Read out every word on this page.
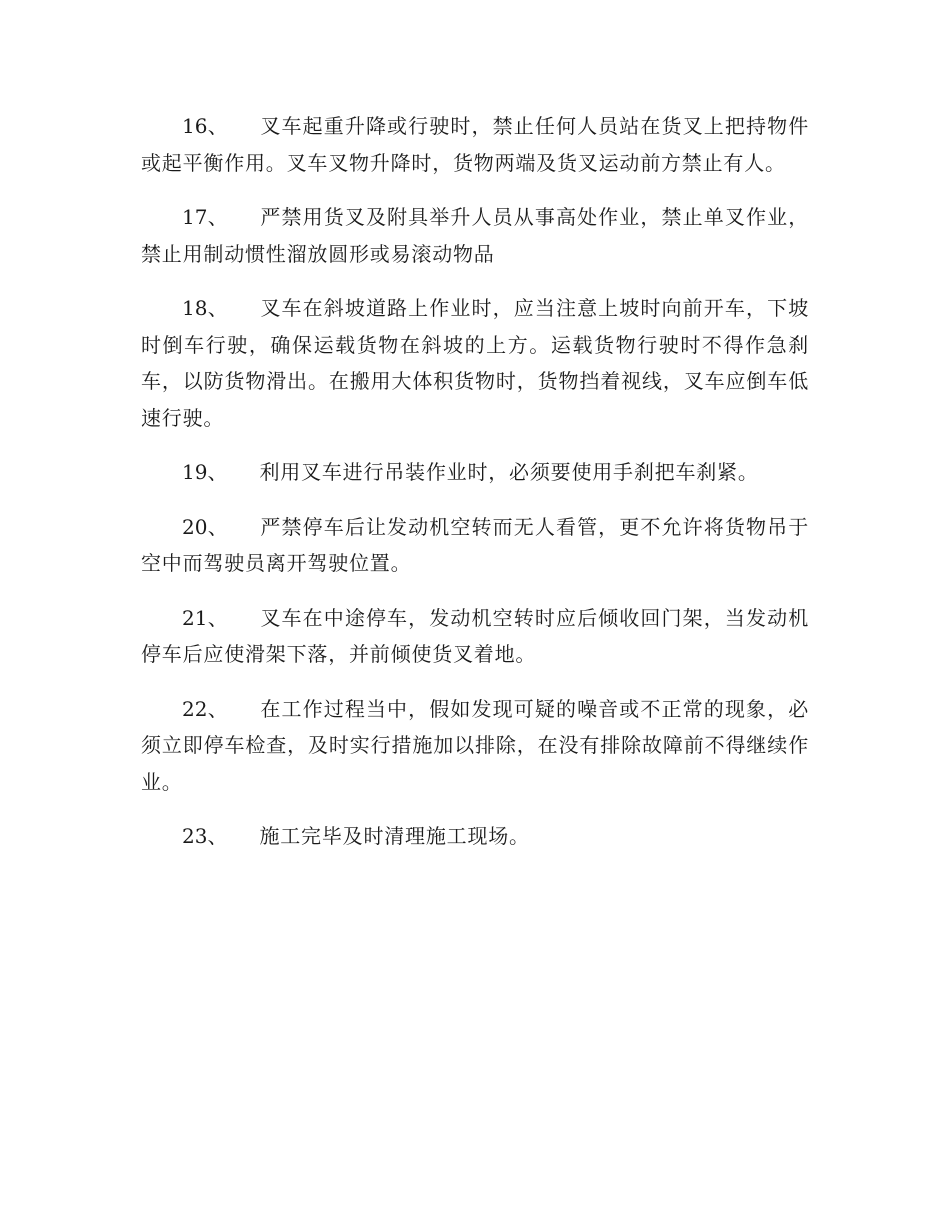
16、 叉车起重升降或行驶时，禁止任何人员站在货叉上把持物件或起平衡作用。叉车叉物升降时，货物两端及货叉运动前方禁止有人。

17、 严禁用货叉及附具举升人员从事高处作业，禁止单叉作业，禁止用制动惯性溜放圆形或易滚动物品

18、 叉车在斜坡道路上作业时，应当注意上坡时向前开车，下坡时倒车行驶，确保运载货物在斜坡的上方。运载货物行驶时不得作急刹车，以防货物滑出。在搬用大体积货物时，货物挡着视线，叉车应倒车低速行驶。

19、 利用叉车进行吊装作业时，必须要使用手刹把车刹紧。

20、 严禁停车后让发动机空转而无人看管，更不允许将货物吊于空中而驾驶员离开驾驶位置。

21、 叉车在中途停车，发动机空转时应后倾收回门架，当发动机停车后应使滑架下落，并前倾使货叉着地。

22、 在工作过程当中，假如发现可疑的噪音或不正常的现象，必须立即停车检查，及时实行措施加以排除，在没有排除故障前不得继续作业。

23、 施工完毕及时清理施工现场。
